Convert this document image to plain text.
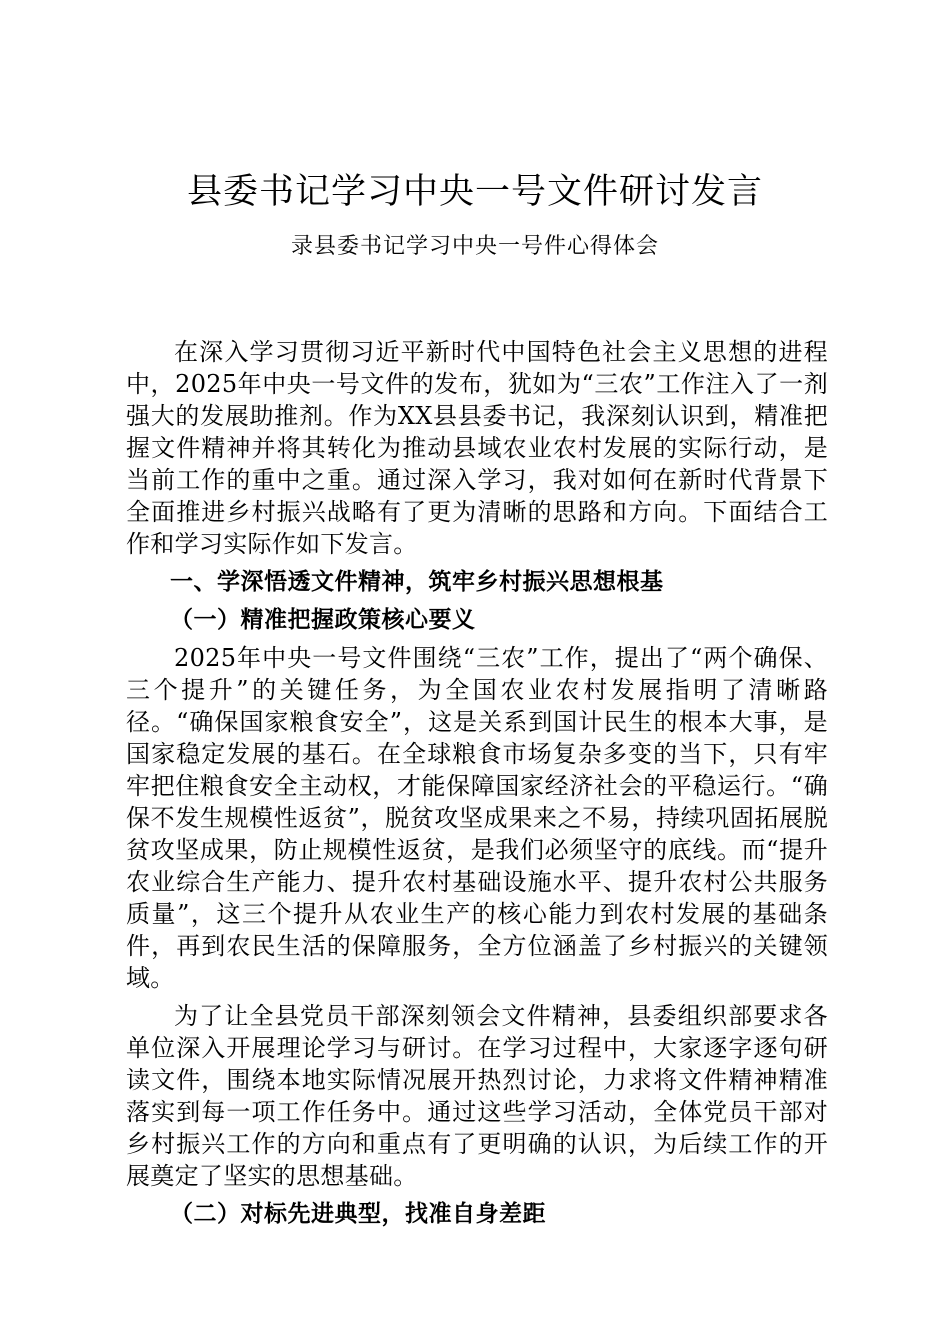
县委书记学习中央一号文件研讨发言
录县委书记学习中央一号件心得体会

在深入学习贯彻习近平新时代中国特色社会主义思想的进程中，2025年中央一号文件的发布，犹如为“三农”工作注入了一剂强大的发展助推剂。作为XX县县委书记，我深刻认识到，精准把握文件精神并将其转化为推动县域农业农村发展的实际行动，是当前工作的重中之重。通过深入学习，我对如何在新时代背景下全面推进乡村振兴战略有了更为清晰的思路和方向。下面结合工作和学习实际作如下发言。

一、学深悟透文件精神，筑牢乡村振兴思想根基

（一）精准把握政策核心要义

2025年中央一号文件围绕“三农”工作，提出了“两个确保、三个提升”的关键任务，为全国农业农村发展指明了清晰路径。“确保国家粮食安全”，这是关系到国计民生的根本大事，是国家稳定发展的基石。在全球粮食市场复杂多变的当下，只有牢牢把住粮食安全主动权，才能保障国家经济社会的平稳运行。“确保不发生规模性返贫”，脱贫攻坚成果来之不易，持续巩固拓展脱贫攻坚成果，防止规模性返贫，是我们必须坚守的底线。而“提升农业综合生产能力、提升农村基础设施水平、提升农村公共服务质量”，这三个提升从农业生产的核心能力到农村发展的基础条件，再到农民生活的保障服务，全方位涵盖了乡村振兴的关键领域。

为了让全县党员干部深刻领会文件精神，县委组织部要求各单位深入开展理论学习与研讨。在学习过程中，大家逐字逐句研读文件，围绕本地实际情况展开热烈讨论，力求将文件精神精准落实到每一项工作任务中。通过这些学习活动，全体党员干部对乡村振兴工作的方向和重点有了更明确的认识，为后续工作的开展奠定了坚实的思想基础。

（二）对标先进典型，找准自身差距
